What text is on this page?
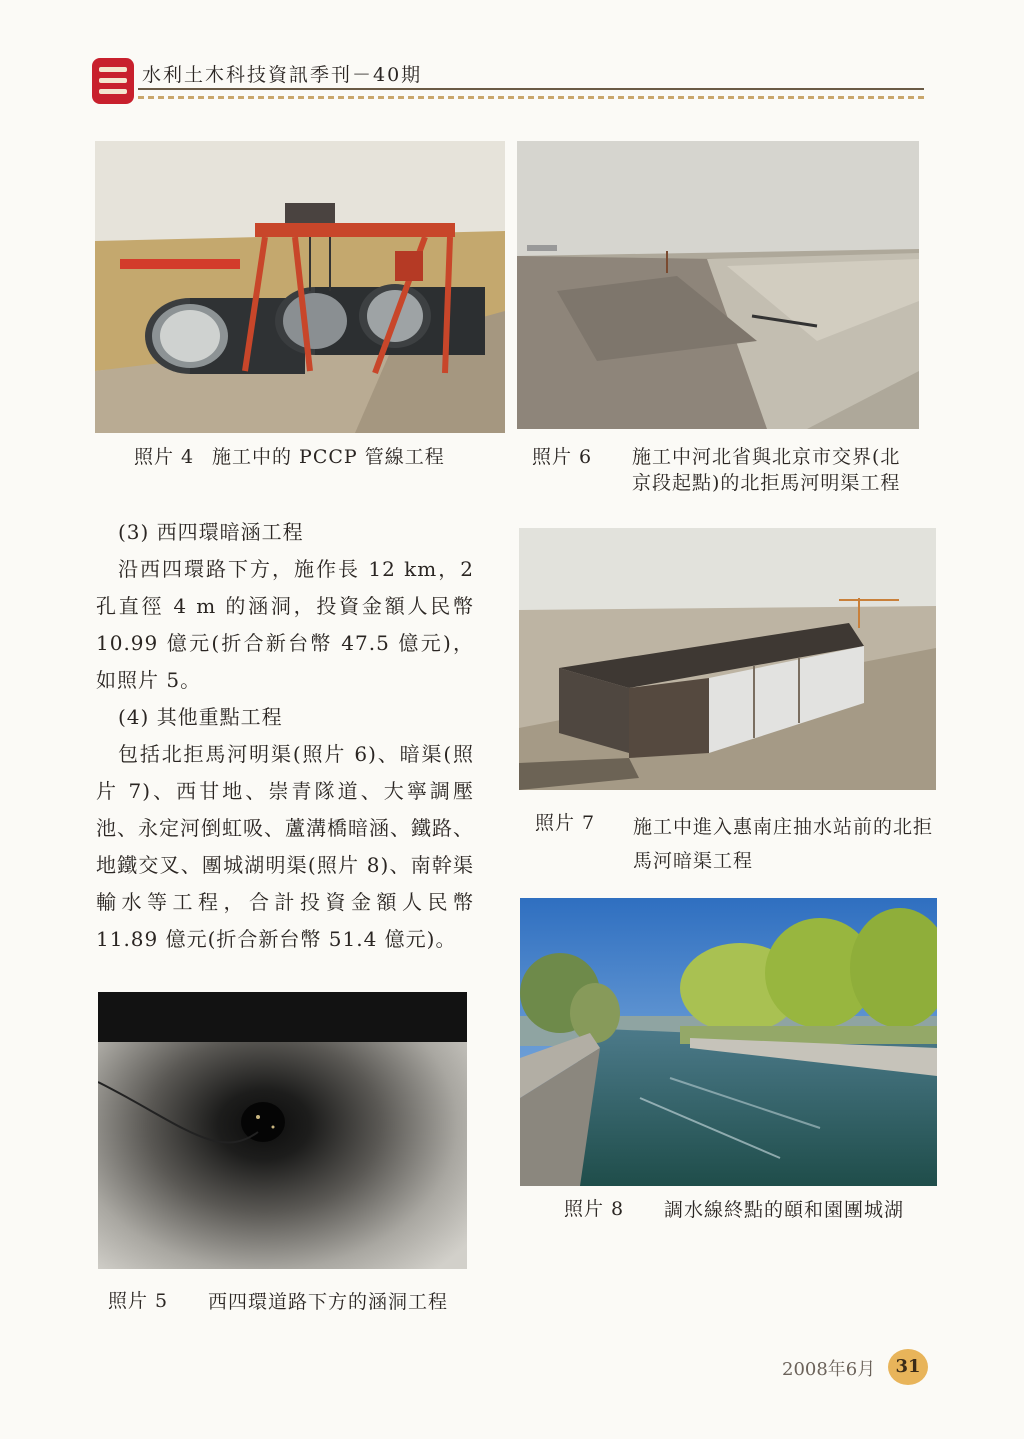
水利土木科技資訊季刊－40期
照片 4 施工中的 PCCP 管線工程	照片 6 施工中河北省與北京市交界(北京段起點)的北拒馬河明渠工程
照片 7 施工中進入惠南庄抽水站前的北拒馬河暗渠工程
照片 8 調水線終點的頤和園團城湖

(3) 西四環暗涵工程

沿西四環路下方，施作長 12 km，2 孔直徑 4 m 的涵洞，投資金額人民幣 10.99 億元(折合新台幣 47.5 億元)，如照片 5。

(4) 其他重點工程

包括北拒馬河明渠(照片 6)、暗渠(照片 7)、西甘地、崇青隊道、大寧調壓池、永定河倒虹吸、蘆溝橋暗涵、鐵路、地鐵交叉、團城湖明渠(照片 8)、南幹渠輸水等工程，合計投資金額人民幣 11.89 億元(折合新台幣 51.4 億元)。

照片 5 西四環道路下方的涵洞工程
2008年6月	31
